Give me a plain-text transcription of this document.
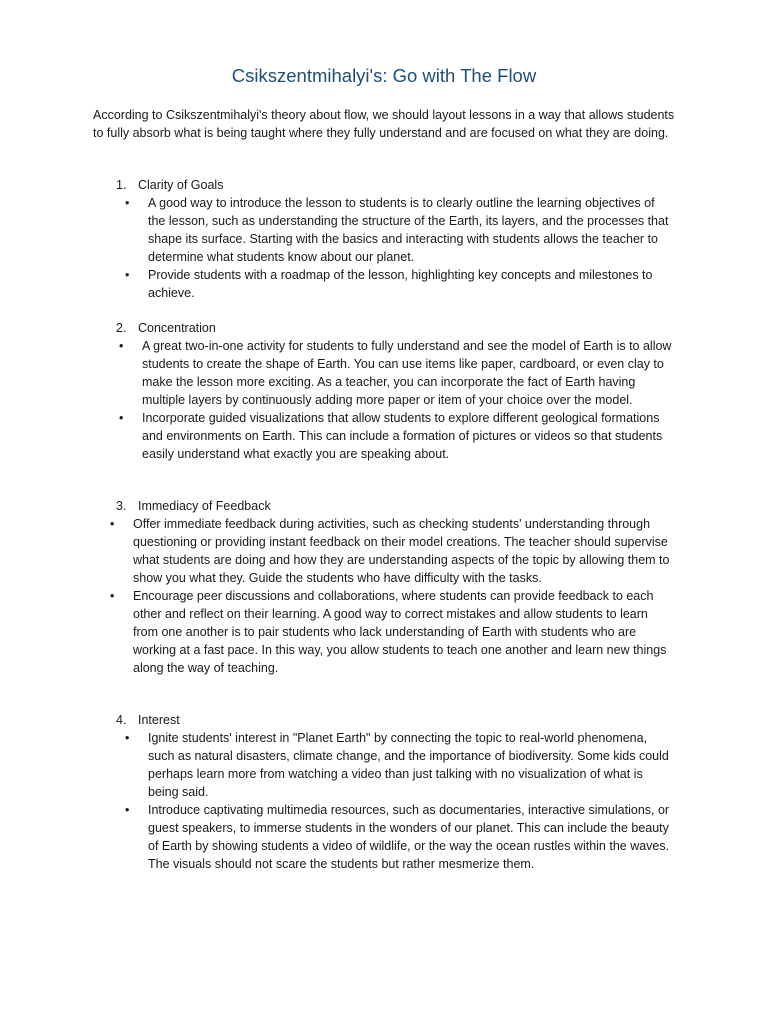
Csikszentmihalyi's: Go with The Flow

According to Csikszentmihalyi's theory about flow, we should layout lessons in a way that allows students to fully absorb what is being taught where they fully understand and are focused on what they are doing.

1. Clarity of Goals
• A good way to introduce the lesson to students is to clearly outline the learning objectives of the lesson, such as understanding the structure of the Earth, its layers, and the processes that shape its surface. Starting with the basics and interacting with students allows the teacher to determine what students know about our planet.
• Provide students with a roadmap of the lesson, highlighting key concepts and milestones to achieve.
2. Concentration
• A great two-in-one activity for students to fully understand and see the model of Earth is to allow students to create the shape of Earth. You can use items like paper, cardboard, or even clay to make the lesson more exciting. As a teacher, you can incorporate the fact of Earth having multiple layers by continuously adding more paper or item of your choice over the model.
• Incorporate guided visualizations that allow students to explore different geological formations and environments on Earth. This can include a formation of pictures or videos so that students easily understand what exactly you are speaking about.
3. Immediacy of Feedback
• Offer immediate feedback during activities, such as checking students' understanding through questioning or providing instant feedback on their model creations. The teacher should supervise what students are doing and how they are understanding aspects of the topic by allowing them to show you what they. Guide the students who have difficulty with the tasks.
• Encourage peer discussions and collaborations, where students can provide feedback to each other and reflect on their learning. A good way to correct mistakes and allow students to learn from one another is to pair students who lack understanding of Earth with students who are working at a fast pace. In this way, you allow students to teach one another and learn new things along the way of teaching.
4. Interest
• Ignite students' interest in "Planet Earth" by connecting the topic to real-world phenomena, such as natural disasters, climate change, and the importance of biodiversity. Some kids could perhaps learn more from watching a video than just talking with no visualization of what is being said.
• Introduce captivating multimedia resources, such as documentaries, interactive simulations, or guest speakers, to immerse students in the wonders of our planet. This can include the beauty of Earth by showing students a video of wildlife, or the way the ocean rustles within the waves. The visuals should not scare the students but rather mesmerize them.
